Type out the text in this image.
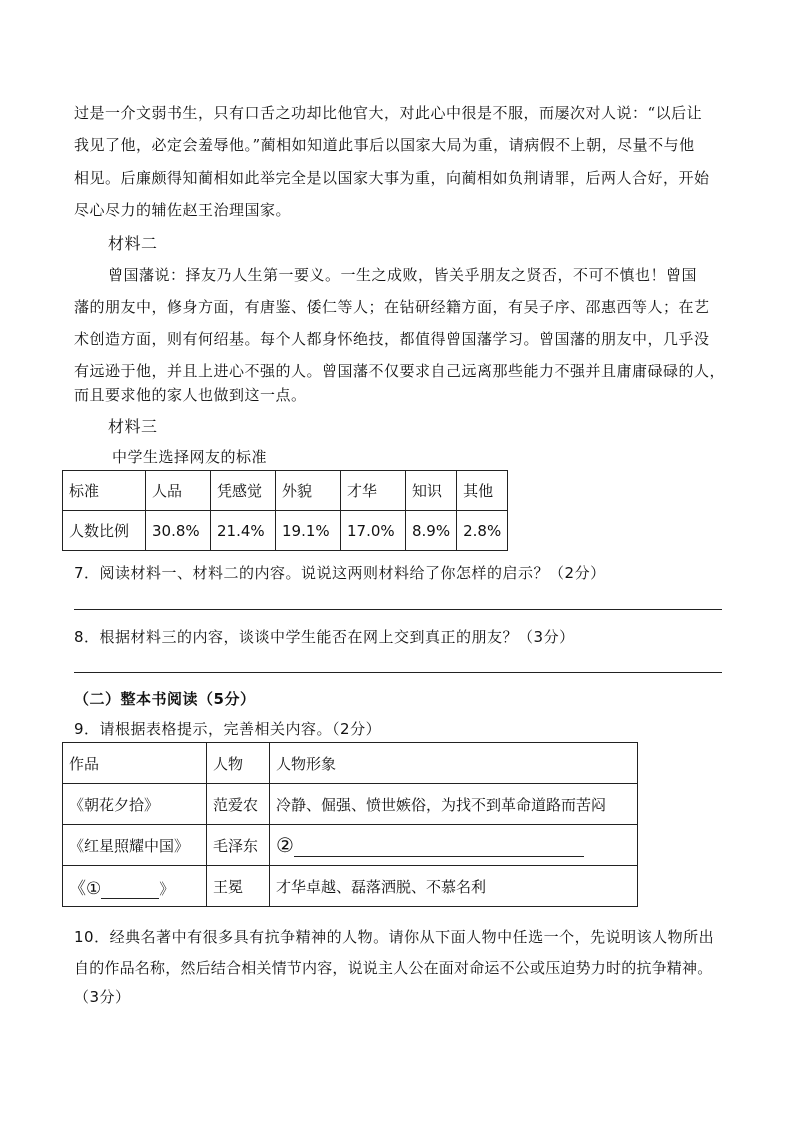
过是一介文弱书生，只有口舌之功却比他官大，对此心中很是不服，而屡次对人说：“以后让
我见了他，必定会羞辱他。”蔺相如知道此事后以国家大局为重，请病假不上朝，尽量不与他
相见。后廉颇得知蔺相如此举完全是以国家大事为重，向蔺相如负荆请罪，后两人合好，开始
尽心尽力的辅佐赵王治理国家。
材料二
曾国藩说：择友乃人生第一要义。一生之成败，皆关乎朋友之贤否，不可不慎也！曾国
藩的朋友中，修身方面，有唐鉴、倭仁等人；在钻研经籍方面，有吴子序、邵惠西等人；在艺
术创造方面，则有何绍基。每个人都身怀绝技，都值得曾国藩学习。曾国藩的朋友中，几乎没
有远逊于他，并且上进心不强的人。曾国藩不仅要求自己远离那些能力不强并且庸庸碌碌的人，
而且要求他的家人也做到这一点。
材料三
中学生选择网友的标准
标准	人品	凭感觉	外貌	才华	知识	其他
人数比例	30.8%	21.4%	19.1%	17.0%	8.9%	2.8%
7．阅读材料一、材料二的内容。说说这两则材料给了你怎样的启示？（2分）
8．根据材料三的内容，谈谈中学生能否在网上交到真正的朋友？（3分）
（二）整本书阅读（5分）
9．请根据表格提示，完善相关内容。（2分）
作品	人物	人物形象
《朝花夕拾》	范爱农	冷静、倔强、愤世嫉俗，为找不到革命道路而苦闷
《红星照耀中国》	毛泽东	②
《① 》	王冕	才华卓越、磊落洒脱、不慕名利
10．经典名著中有很多具有抗争精神的人物。请你从下面人物中任选一个，先说明该人物所出
自的作品名称，然后结合相关情节内容，说说主人公在面对命运不公或压迫势力时的抗争精神。
（3分）
